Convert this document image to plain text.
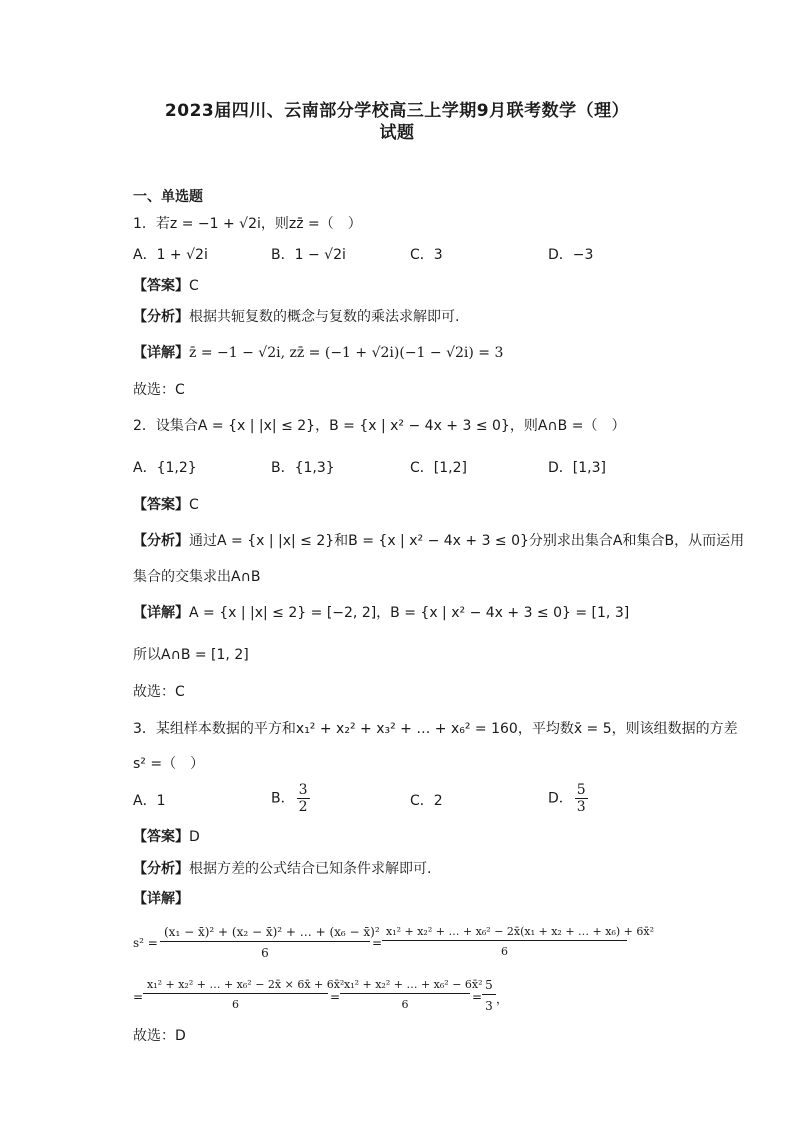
2023届四川、云南部分学校高三上学期9月联考数学（理）
试题
一、单选题
1．若z = −1 + √2i，则zz̄ =（　）
A．1 + √2i	B．1 − √2i	C．3	D．−3
【答案】C
【分析】根据共轭复数的概念与复数的乘法求解即可.
【详解】z̄ = −1 − √2i, zz̄ = (−1 + √2i)(−1 − √2i) = 3
故选：C
2．设集合A = {x | |x| ≤ 2}，B = {x | x² − 4x + 3 ≤ 0}，则A∩B =（　）
A．{1,2}	B．{1,3}	C．[1,2]	D．[1,3]
【答案】C
【分析】通过A = {x | |x| ≤ 2}和B = {x | x² − 4x + 3 ≤ 0}分别求出集合A和集合B，从而运用
集合的交集求出A∩B
【详解】A = {x | |x| ≤ 2} = [−2, 2]，B = {x | x² − 4x + 3 ≤ 0} = [1, 3]
所以A∩B = [1, 2]
故选：C
3．某组样本数据的平方和x₁² + x₂² + x₃² + … + x₆² = 160，平均数x̄ = 5，则该组数据的方差
s² =（　）
A．1	B． $\frac{3}{2}$	C．2	D． $\frac{5}{3}$
【答案】D
【分析】根据方差的公式结合已知条件求解即可.
【详解】
$s^2 = \frac{\text{(x₁ − x̄)² + (x₂ − x̄)² + … + (x₆ − x̄)²}}{6} = \frac{\text{x₁² + x₂² + … + x₆² − 2x̄(x₁ + x₂ + … + x₆) + 6x̄²}}{6}$
= $\frac{\text{x₁² + x₂² + … + x₆² − 2x̄ × 6x̄ + 6x̄²}}{6} = \frac{\text{x₁² + x₂² + … + x₆² − 6x̄²}}{6} = \frac{5}{3}$ ，
故选：D
